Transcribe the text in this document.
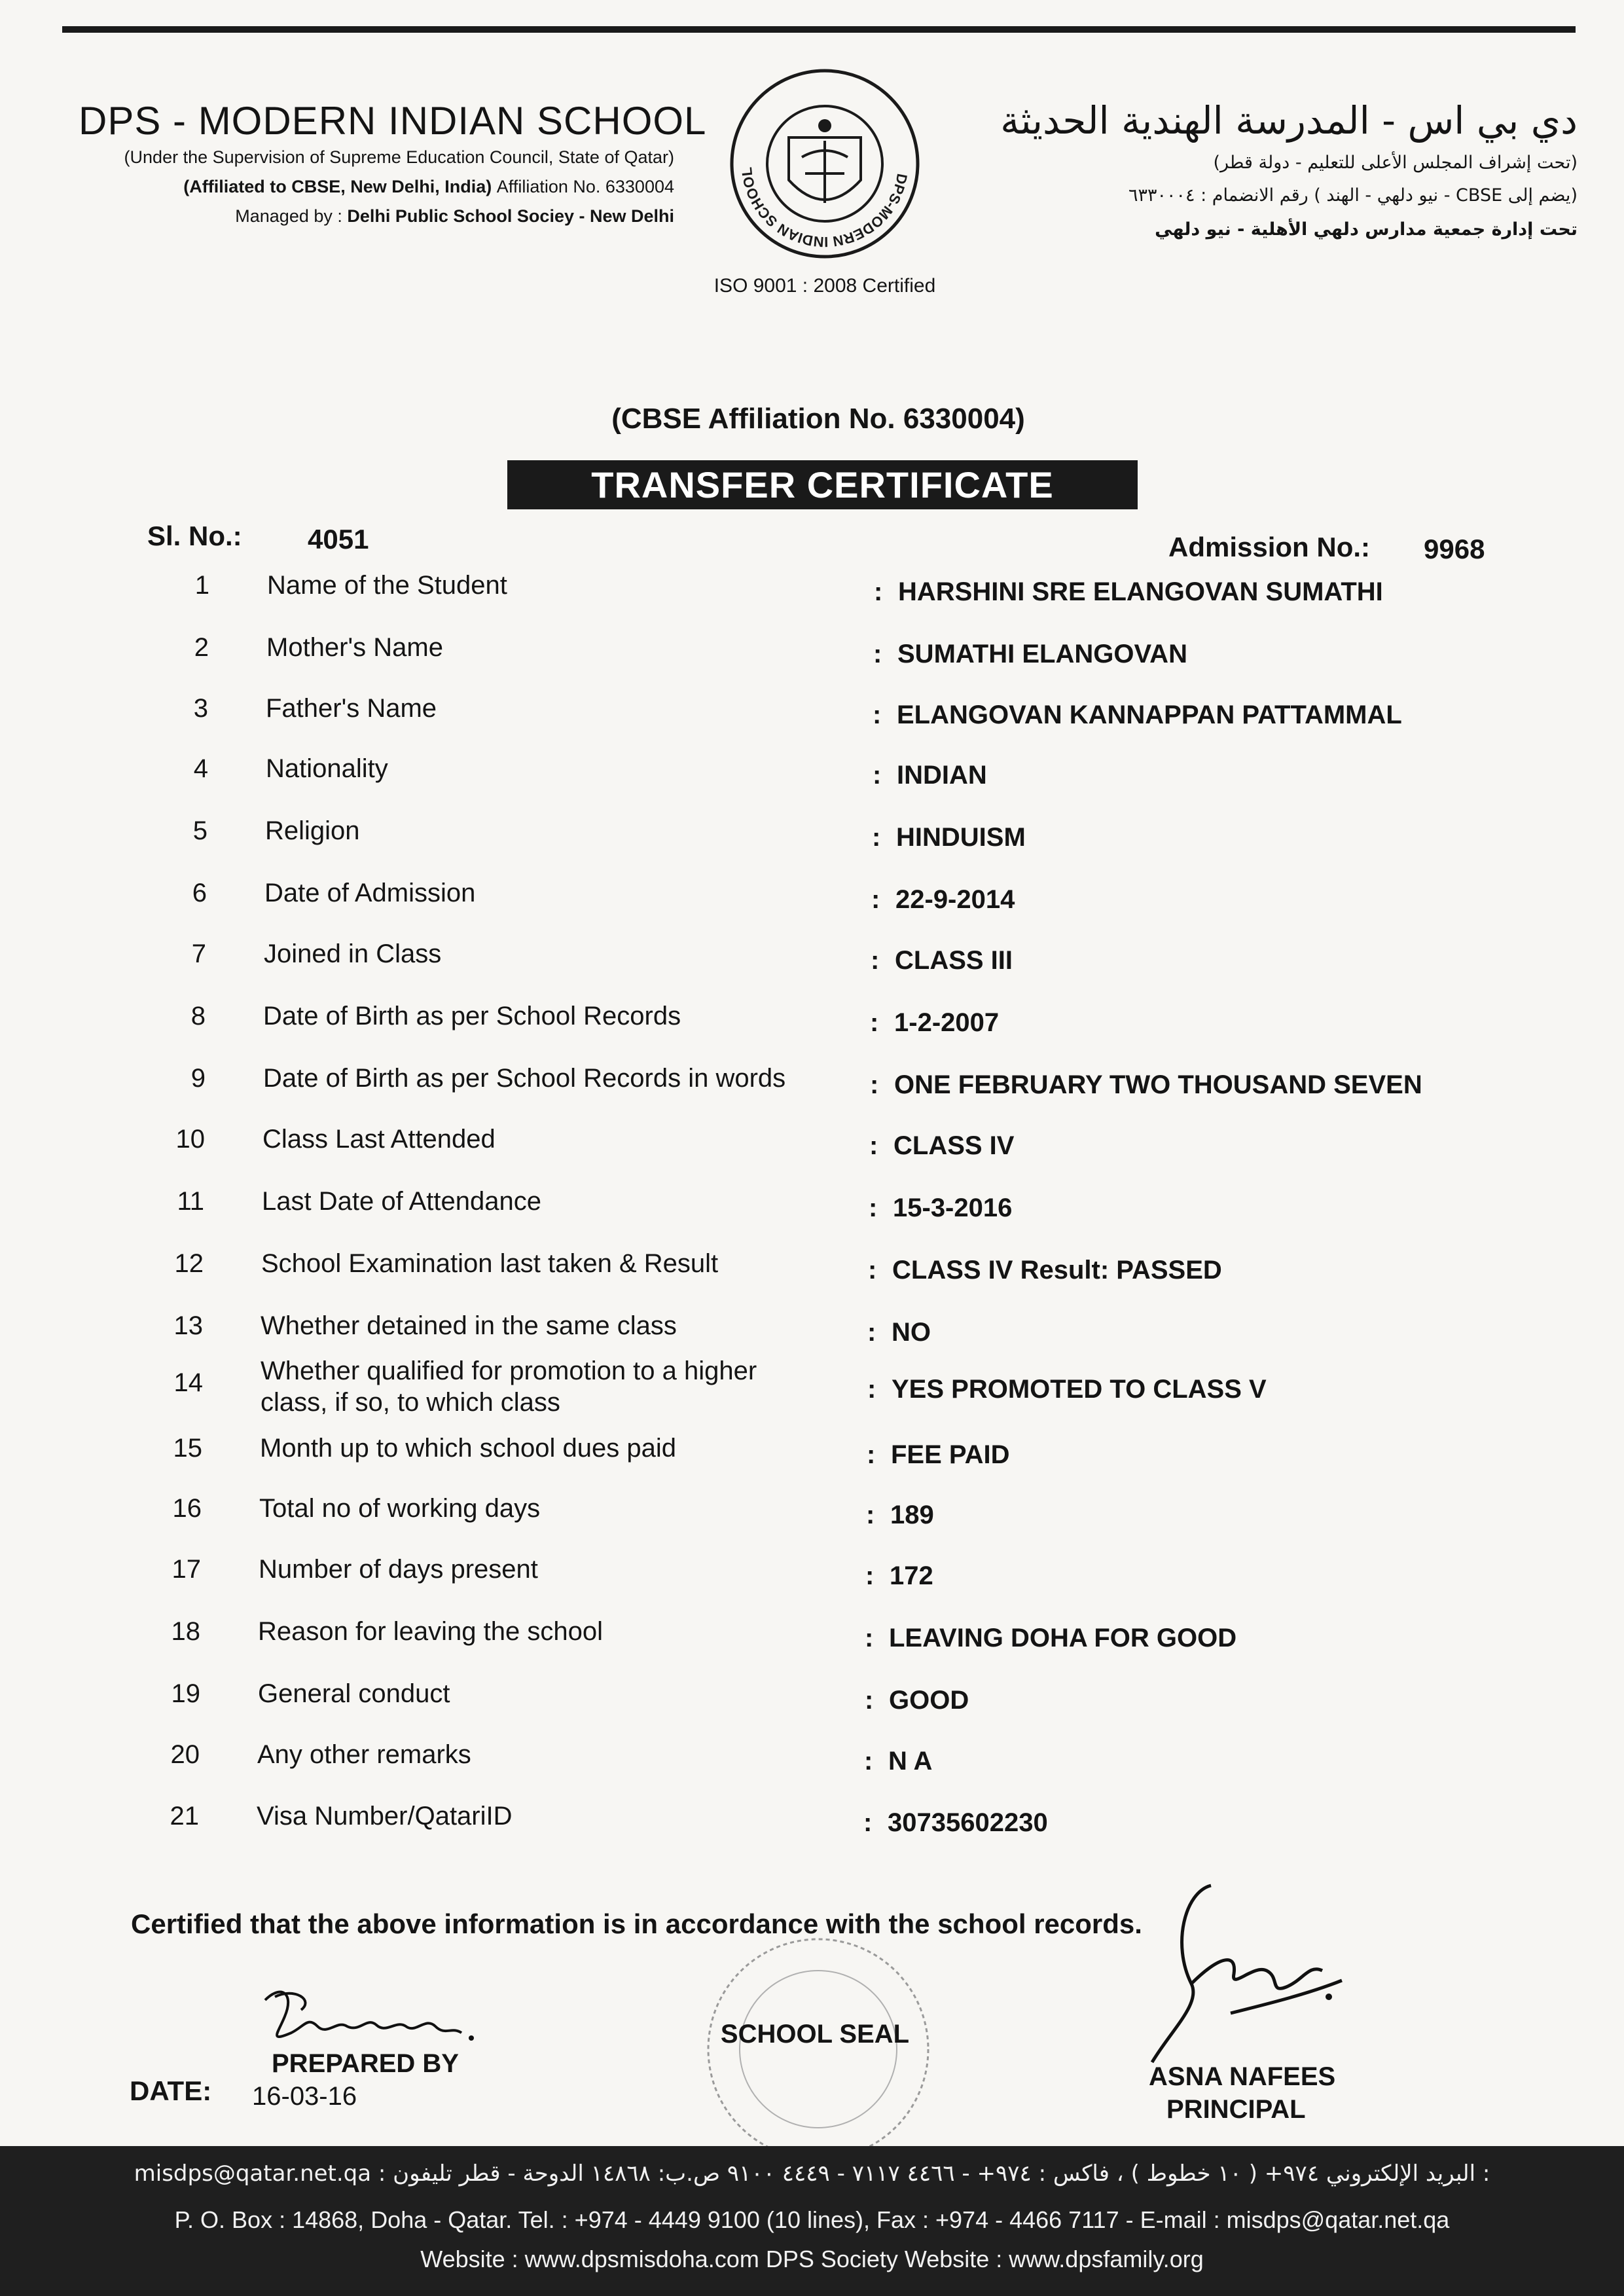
DPS - MODERN INDIAN SCHOOL
(Under the Supervision of Supreme Education Council, State of Qatar)
(Affiliated to CBSE, New Delhi, India) Affiliation No. 6330004
Managed by : Delhi Public School Sociey - New Delhi
DPS-MODERN INDIAN SCHOOL
ISO 9001 : 2008 Certified
دي بي اس - المدرسة الهندية الحديثة
(تحت إشراف المجلس الأعلى للتعليم - دولة قطر)
(يضم إلى CBSE - نيو دلهي - الهند ) رقم الانضمام : ٦٣٣٠٠٠٤
تحت إدارة جمعية مدارس دلهي الأهلية - نيو دلهي
(CBSE Affiliation No. 6330004)
TRANSFER CERTIFICATE
Sl. No.: 4051	Admission No.: 9968
1 Name of the Student	: HARSHINI SRE ELANGOVAN SUMATHI
2 Mother's Name	: SUMATHI ELANGOVAN
3 Father's Name	: ELANGOVAN KANNAPPAN PATTAMMAL
4 Nationality	: INDIAN
5 Religion	: HINDUISM
6 Date of Admission	: 22-9-2014
7 Joined in Class	: CLASS III
8 Date of Birth as per School Records	: 1-2-2007
9 Date of Birth as per School Records in words	: ONE FEBRUARY TWO THOUSAND SEVEN
10 Class Last Attended	: CLASS IV
11 Last Date of Attendance	: 15-3-2016
12 School Examination last taken & Result	: CLASS IV Result: PASSED
13 Whether detained in the same class	: NO
14 Whether qualified for promotion to a higher class, if so, to which class	: YES PROMOTED TO CLASS V
15 Month up to which school dues paid	: FEE PAID
16 Total no of working days	: 189
17 Number of days present	: 172
18 Reason for leaving the school	: LEAVING DOHA FOR GOOD
19 General conduct	: GOOD
20 Any other remarks	: N A
21 Visa Number/QatariID	: 30735602230
Certified that the above information is in accordance with the school records.
PREPARED BY
DATE: 16-03-16
SCHOOL SEAL
ASNA NAFEES
PRINCIPAL
misdps@qatar.net.qa : البريد الإلكتروني ٩٧٤+ ( ١٠ خطوط ) ، فاكس : ٩٧٤+ - ٤٤٦٦ ٧١١٧ - ٤٤٤٩ ٩١٠٠ ص.ب: ١٤٨٦٨ الدوحة - قطر تليفون :
P. O. Box : 14868, Doha - Qatar. Tel. : +974 - 4449 9100 (10 lines), Fax : +974 - 4466 7117 - E-mail : misdps@qatar.net.qa
Website : www.dpsmisdoha.com DPS Society Website : www.dpsfamily.org
